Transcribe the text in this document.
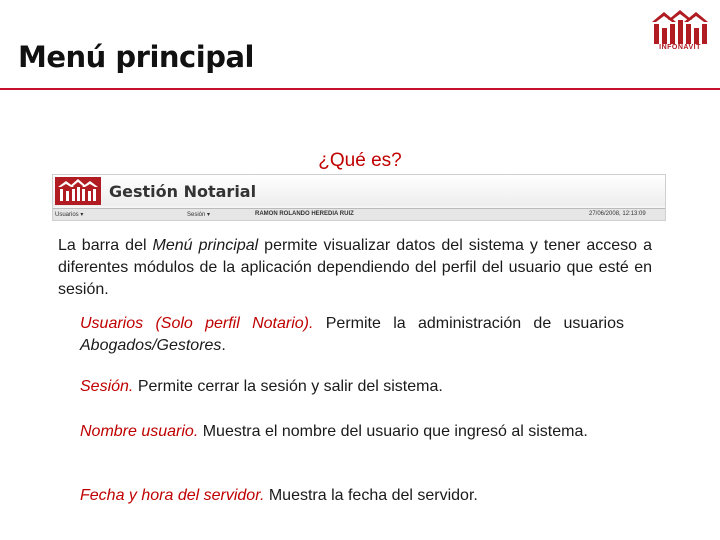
Menú principal	INFONAVIT
¿Qué es?
Gestión Notarial
Usuarios ▾	Sesión ▾	RAMON ROLANDO HEREDIA RUIZ	27/06/2008, 12:13:09
La barra del Menú principal permite visualizar datos del sistema y tener acceso a diferentes módulos de la aplicación dependiendo del perfil del usuario que esté en sesión.
Usuarios (Solo perfil Notario). Permite la administración de usuarios Abogados/Gestores.
Sesión. Permite cerrar la sesión y salir del sistema.
Nombre usuario. Muestra el nombre del usuario que ingresó al sistema.
Fecha y hora del servidor. Muestra la fecha del servidor.
